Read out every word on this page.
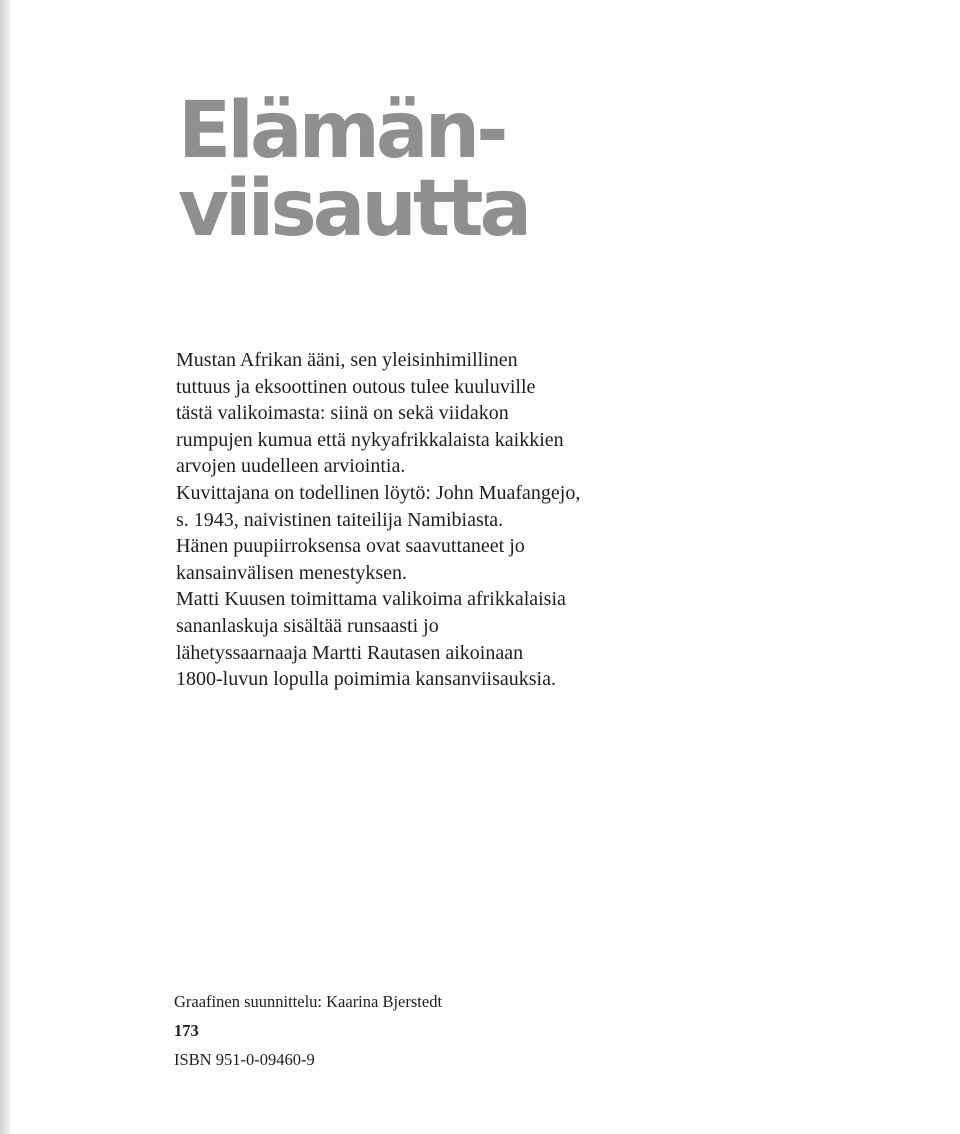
Elämän-
viisautta
Mustan Afrikan ääni, sen yleisinhimillinen
tuttuus ja eksoottinen outous tulee kuuluville
tästä valikoimasta: siinä on sekä viidakon
rumpujen kumua että nykyafrikkalaista kaikkien
arvojen uudelleen arviointia.
Kuvittajana on todellinen löytö: John Muafangejo,
s. 1943, naivistinen taiteilija Namibiasta.
Hänen puupiirroksensa ovat saavuttaneet jo
kansainvälisen menestyksen.
Matti Kuusen toimittama valikoima afrikkalaisia
sananlaskuja sisältää runsaasti jo
lähetyssaarnaaja Martti Rautasen aikoinaan
1800-luvun lopulla poimimia kansanviisauksia.
Graafinen suunnittelu: Kaarina Bjerstedt
173
ISBN 951-0-09460-9
